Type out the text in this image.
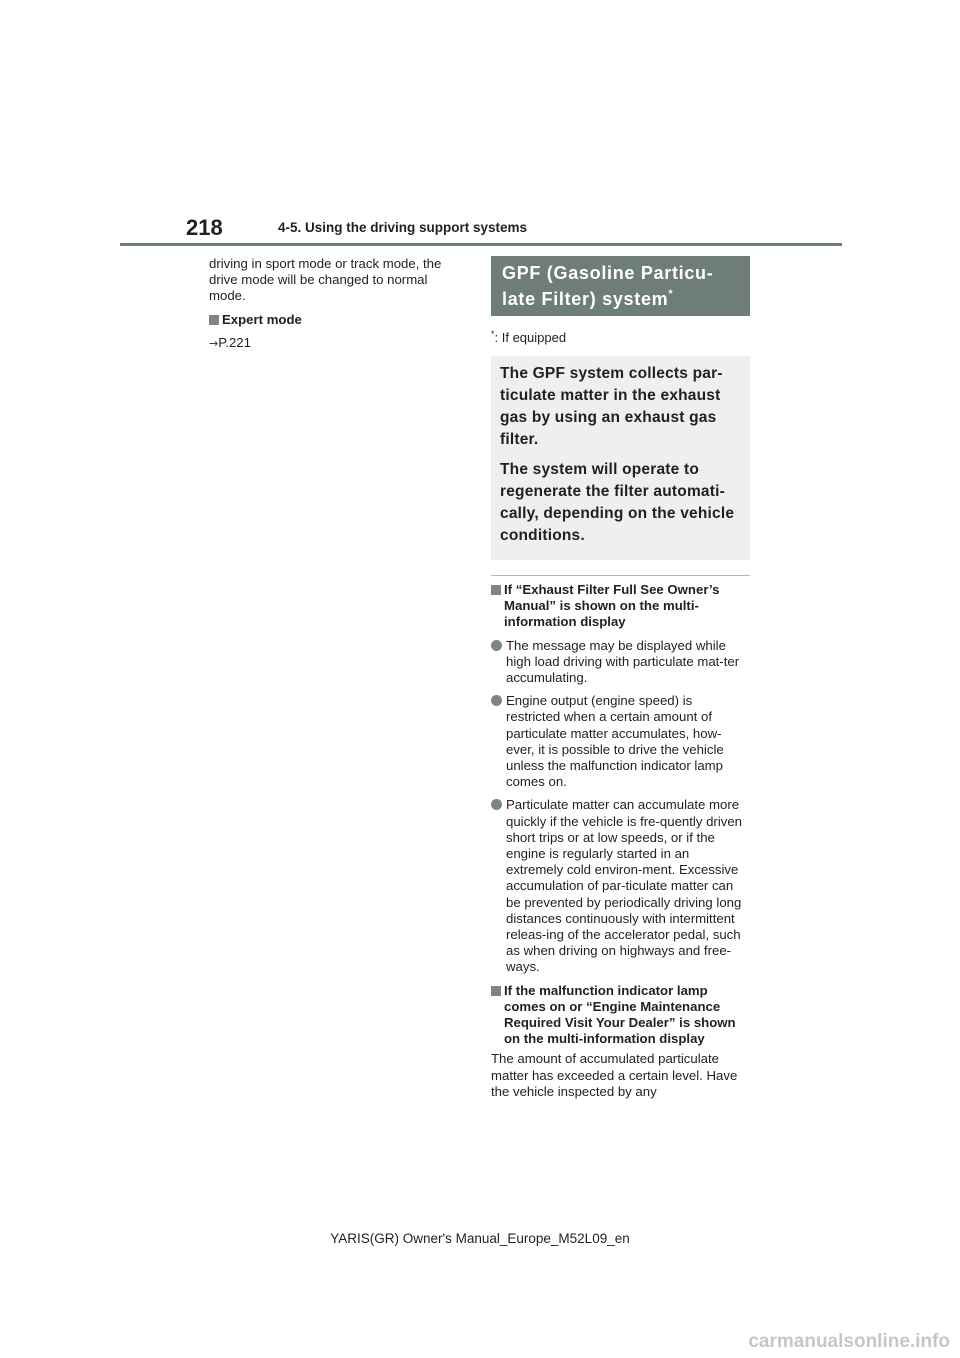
218	4-5. Using the driving support systems

driving in sport mode or track mode, the drive mode will be changed to normal mode.

Expert mode

→P.221

GPF (Gasoline Particu-
late Filter) system*
*: If equipped

The GPF system collects par-ticulate matter in the exhaust gas by using an exhaust gas filter.

The system will operate to regenerate the filter automati-cally, depending on the vehicle conditions.

If “Exhaust Filter Full See Owner’s Manual” is shown on the multi-information display
The message may be displayed while high load driving with particulate mat-ter accumulating.
Engine output (engine speed) is restricted when a certain amount of particulate matter accumulates, how-ever, it is possible to drive the vehicle unless the malfunction indicator lamp comes on.
Particulate matter can accumulate more quickly if the vehicle is fre-quently driven short trips or at low speeds, or if the engine is regularly started in an extremely cold environ-ment. Excessive accumulation of par-ticulate matter can be prevented by periodically driving long distances continuously with intermittent releas-ing of the accelerator pedal, such as when driving on highways and free-ways.
If the malfunction indicator lamp comes on or “Engine Maintenance Required Visit Your Dealer” is shown on the multi-information display

The amount of accumulated particulate matter has exceeded a certain level. Have the vehicle inspected by any

YARIS(GR) Owner's Manual_Europe_M52L09_en
carmanualsonline.info
